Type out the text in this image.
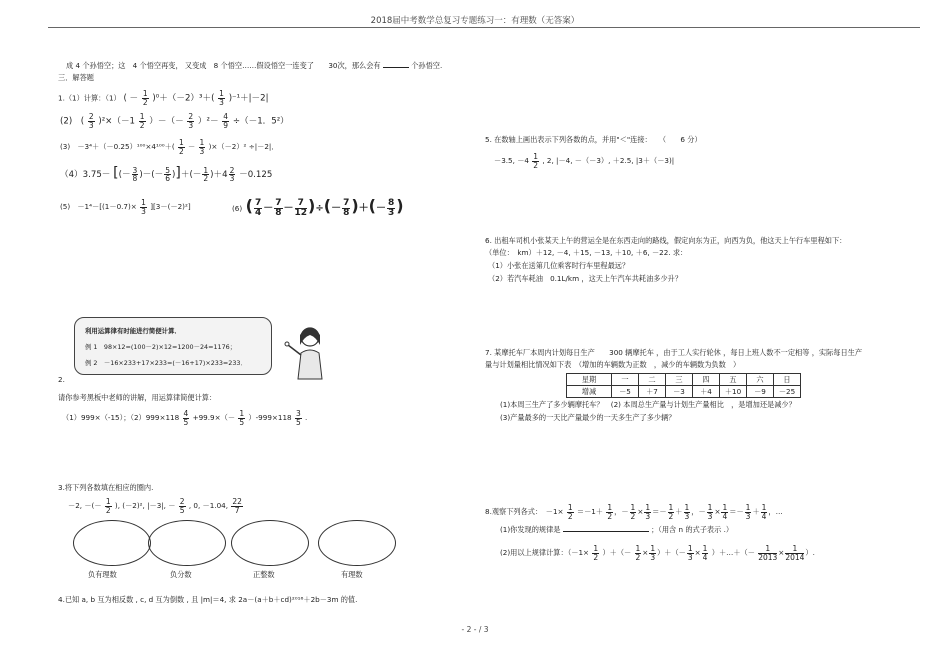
2018届中考数学总复习专题练习一：有理数（无答案）
成 4 个孙悟空；这　4 个悟空再变， 又变成　8 个悟空……假设悟空一连变了　　30次，那么会有	个孙悟空.
三．解答题
1.（1）计算：（1） ( － $\frac{1}{2} )^0+(-2)^3+( \frac{1}{3} )^{-1}+|-2|$
(2)　( $\frac{2}{3} )^2\times(-1 \frac{1}{2}$ ）－（－ $\frac{2}{3} )^2- \frac{4}{9} \div(-1$．5²）
(3)　$-3^4+(-0.25)^{100}\times 4^{100}+( \frac{1}{2} - \frac{1}{3} )\times(-2)^2 \div|-2|$．
（4）3.75－ [(－ $\frac{3}{8}$ )－(－ $\frac{5}{6}$ )]＋(－ $\frac{1}{2} )+4 \frac{2}{3} -0.125$
(5)　$-1^4-[(1-0.7)\times \frac{1}{3} ][3-(-2)^2]$	(6) ( $\frac{7}{4} - \frac{7}{8} - \frac{7}{12}$ )÷(－ $\frac{7}{8}$ )＋(－ $\frac{8}{3}$ )
利用运算律有时能进行简便计算．
例 1　98×12=(100－2)×12=1200－24=1176；
例 2　－16×233+17×233=(－16+17)×233=233．
2.
请你参考黑板中老师的讲解，用运算律简便计算：
（1）999×（-15）；$(2)999\times 118 \frac{4}{5} +99.9\times(- \frac{1}{5} )-999\times 118 \frac{3}{5}$ .
3.将下列各数填在相应的圈内.
－2, －(－ $\frac{1}{2}$ ), (－2)², |－3|, － $\frac{2}{5}$ , 0, －1.04, $\frac{22}{7}$
负有理数	负分数	正整数	有理数
4.已知 a, b 互为相反数 , c, d 互为倒数 , 且 |m|＝4, 求 2a－(a＋b＋cd)²⁰¹⁶＋2b－3m 的值.
5. 在数轴上画出表示下列各数的点，并用"＜"连接：　　（　　6 分）
－3.5, $-4 \frac{1}{2}$ , 2, |－4, －（－3）, ＋2.5, |3＋（－3)|
6. 出租车司机小张某天上午的营运全是在东西走向的路线，假定向东为正，向西为负，他这天上午行车里程如下：
（单位：　km）＋12, －4, ＋15, －13, ＋10, ＋6, －22. 求：
（1）小张在送第几位乘客时行车里程最远？
（2）若汽车耗油　0.1L/km ，这天上午汽车共耗油多少升？
7. 某摩托车厂本周内计划每日生产　　300 辆摩托车 ，由于工人实行轮休 ，每日上班人数不一定相等 ，实际每日生产
量与计划量相比情况如下表　（增加的车辆数为正数　，减少的车辆数为负数　）
星期	一	二	三	四	五	六	日
增减	－5	＋7	－3	＋4	＋10	－9	－25
(1)本周三生产了多少辆摩托车？　(2) 本周总生产量与计划生产量相比　，是增加还是减少？
(3)产量最多的一天比产量最少的一天多生产了多少辆？
8.观察下列各式：　$-1\times \frac{1}{2} =-1+ \frac{1}{2}$ ，－ $\frac{1}{2} \times \frac{1}{3} =- \frac{1}{2} + \frac{1}{3}$ ，－ $\frac{1}{3} \times \frac{1}{4} =- \frac{1}{3} + \frac{1}{4}$ ，…
(1)你发现的规律是	；（用含 n 的式子表示 .）
(2)用以上规律计算：（$-1\times \frac{1}{2}$ ）＋（－ $\frac{1}{2} \times \frac{1}{3}$ ）＋（－ $\frac{1}{3} \times \frac{1}{4}$ ）＋…＋（－ $\frac{1}{2013} \times \frac{1}{2014}$ ）.
- 2 - / 3
